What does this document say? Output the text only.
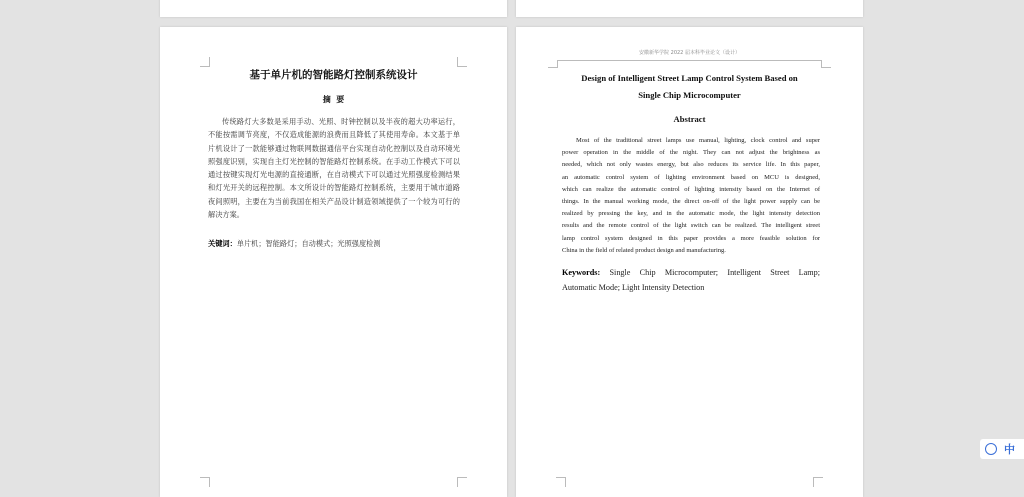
基于单片机的智能路灯控制系统设计
摘  要
传统路灯大多数是采用手动、光照、时钟控制以及半夜的超大功率运行，
不能按需调节亮度，不仅造成能源的浪费而且降低了其使用寿命。本文基于单
片机设计了一款能够通过物联网数据通信平台实现自动化控制以及自动环境光
照强度识别，实现自主灯光控制的智能路灯控制系统。在手动工作模式下可以
通过按键实现灯光电源的直接通断，在自动模式下可以通过光照强度检测结果
和灯光开关的远程控制。本文所设计的智能路灯控制系统，主要用于城市道路
夜间照明，主要在为当前我国在相关产品设计制造领域提供了一个较为可行的
解决方案。
关键词：单片机；智能路灯；自动模式；光照强度检测
安徽新华学院 2022 届本科毕业论文（设计）
Design of Intelligent Street Lamp Control System Based on
Single Chip Microcomputer
Abstract
Most of the traditional street lamps use manual, lighting, clock control and super
power operation in the middle of the night. They can not adjust the brightness as
needed, which not only wastes energy, but also reduces its service life. In this paper,
an automatic control system of lighting environment based on MCU is designed,
which can realize the automatic control of lighting intensity based on the Internet of
things. In the manual working mode, the direct on-off of the light power supply can be
realized by pressing the key, and in the automatic mode, the light intensity detection
results and the remote control of the light switch can be realized. The intelligent street
lamp control system designed in this paper provides a more feasible solution for
China in the field of related product design and manufacturing.
Keywords: Single Chip Microcomputer; Intelligent Street Lamp;
Automatic Mode; Light Intensity Detection
中
